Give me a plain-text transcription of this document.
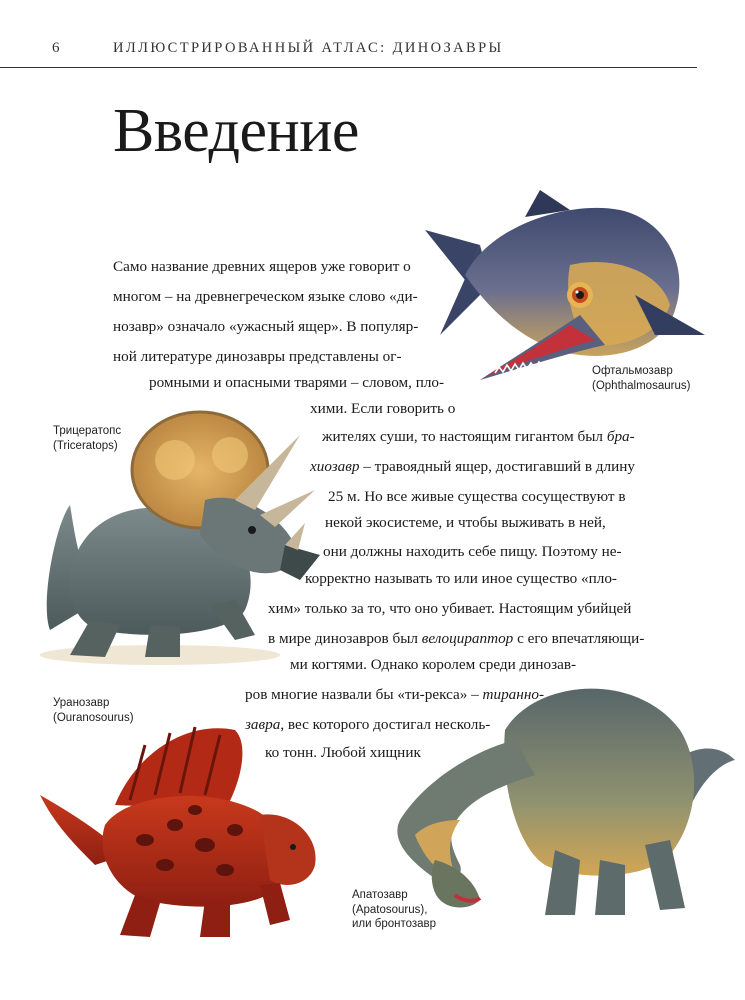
6	ИЛЛЮСТРИРОВАННЫЙ АТЛАС: ДИНОЗАВРЫ
Введение
Само название древних ящеров уже говорит о
многом – на древнегреческом языке слово «ди-
нозавр» означало «ужасный ящер». В популяр-
ной литературе динозавры представлены ог-
ромными и опасными тварями – словом, пло-
хими. Если говорить о
жителях суши, то настоящим гигантом был бра-
хиозавр – травоядный ящер, достигавший в длину
25 м. Но все живые существа сосуществуют в
некой экосистеме, и чтобы выживать в ней,
они должны находить себе пищу. Поэтому не-
корректно называть то или иное существо «пло-
хим» только за то, что оно убивает. Настоящим убийцей
в мире динозавров был велоцираптор с его впечатляющи-
ми когтями. Однако королем среди динозав-
ров многие назвали бы «ти-рекса» – тиранно-
завра, вес которого достигал несколь-
ко тонн. Любой хищник
Офтальмозавр
(Ophthalmosaurus)
Трицератопс
(Triceratops)
Уранозавр
(Ouranosourus)
Апатозавр
(Apatosourus),
или бронтозавр
